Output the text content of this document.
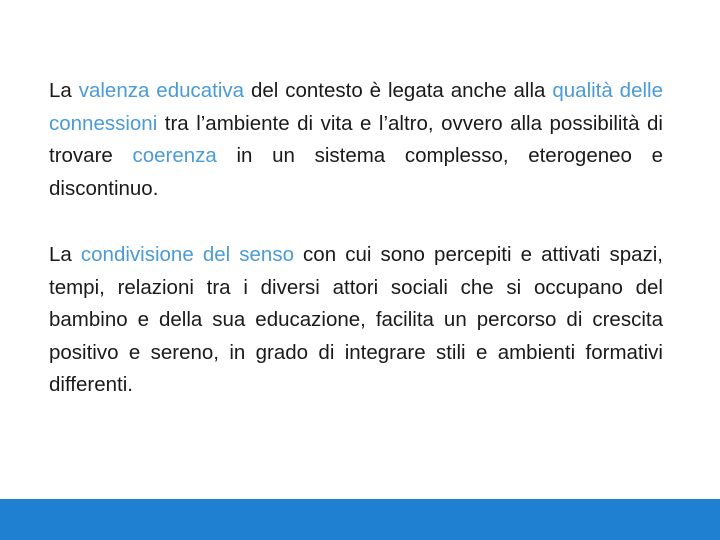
La valenza educativa del contesto è legata anche alla qualità delle connessioni tra l’ambiente di vita e l’altro, ovvero alla possibilità di trovare coerenza in un sistema complesso, eterogeneo e discontinuo.

La condivisione del senso con cui sono percepiti e attivati spazi, tempi, relazioni tra i diversi attori sociali che si occupano del bambino e della sua educazione, facilita un percorso di crescita positivo e sereno, in grado di integrare stili e ambienti formativi differenti.
